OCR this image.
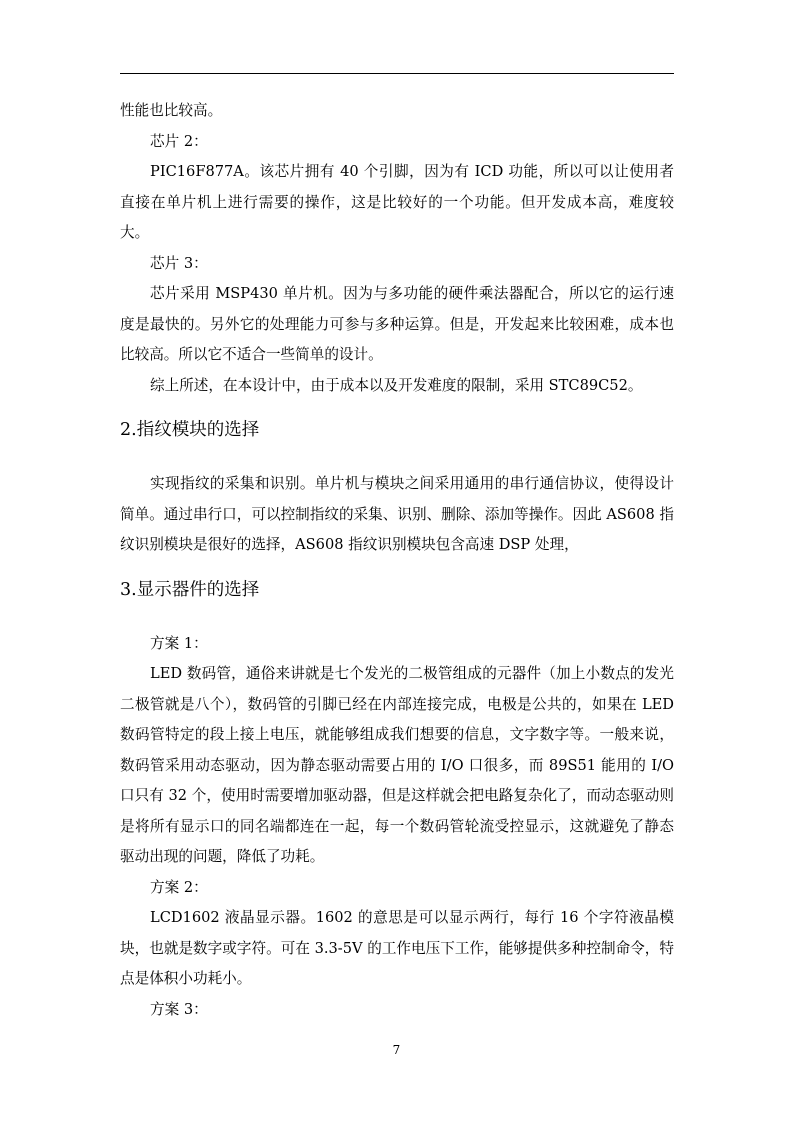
性能也比较高。

芯片 2：

PIC16F877A。该芯片拥有 40 个引脚，因为有 ICD 功能，所以可以让使用者直接在单片机上进行需要的操作，这是比较好的一个功能。但开发成本高，难度较大。

芯片 3：

芯片采用 MSP430 单片机。因为与多功能的硬件乘法器配合，所以它的运行速度是最快的。另外它的处理能力可参与多种运算。但是，开发起来比较困难，成本也比较高。所以它不适合一些简单的设计。

综上所述，在本设计中，由于成本以及开发难度的限制，采用 STC89C52。

2.指纹模块的选择

实现指纹的采集和识别。单片机与模块之间采用通用的串行通信协议，使得设计简单。通过串行口，可以控制指纹的采集、识别、删除、添加等操作。因此 AS608 指纹识别模块是很好的选择，AS608 指纹识别模块包含高速 DSP 处理，

3.显示器件的选择

方案 1：

LED 数码管，通俗来讲就是七个发光的二极管组成的元器件（加上小数点的发光二极管就是八个），数码管的引脚已经在内部连接完成，电极是公共的，如果在 LED 数码管特定的段上接上电压，就能够组成我们想要的信息，文字数字等。一般来说，数码管采用动态驱动，因为静态驱动需要占用的 I/O 口很多，而 89S51 能用的 I/O 口只有 32 个，使用时需要增加驱动器，但是这样就会把电路复杂化了，而动态驱动则是将所有显示口的同名端都连在一起，每一个数码管轮流受控显示，这就避免了静态驱动出现的问题，降低了功耗。

方案 2：

LCD1602 液晶显示器。1602 的意思是可以显示两行，每行 16 个字符液晶模块，也就是数字或字符。可在 3.3-5V 的工作电压下工作，能够提供多种控制命令，特点是体积小功耗小。

方案 3：

7
